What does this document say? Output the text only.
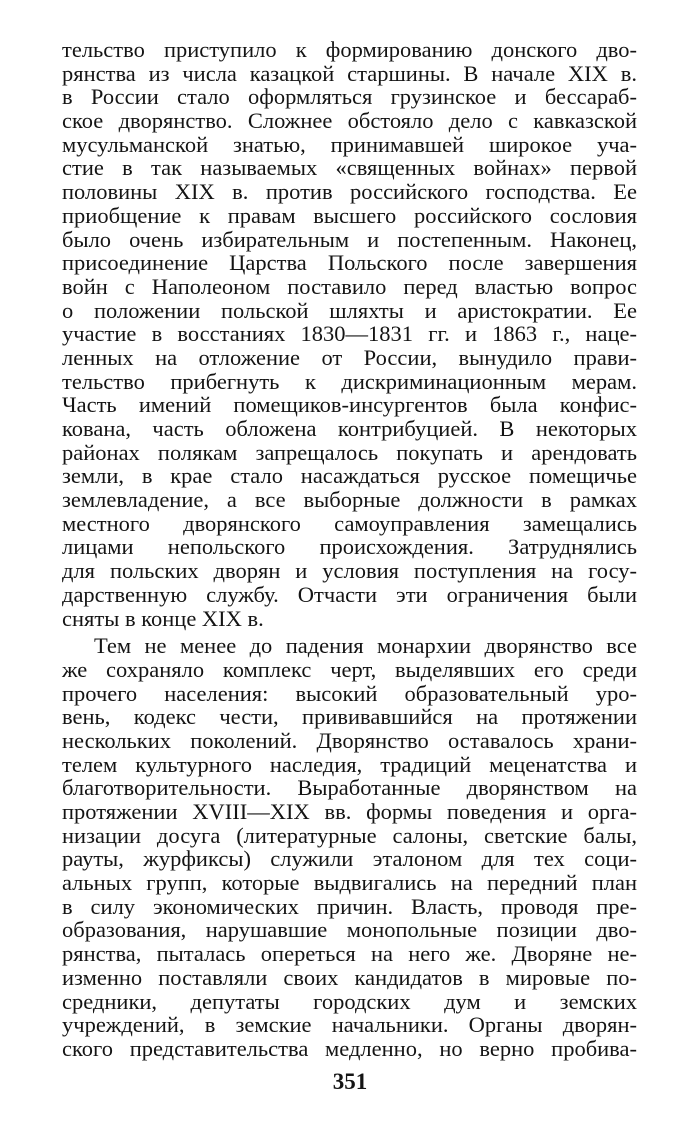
тельство приступило к формированию донского дво-
рянства из числа казацкой старшины. В начале XIX в.
в России стало оформляться грузинское и бессараб-
ское дворянство. Сложнее обстояло дело с кавказской
мусульманской знатью, принимавшей широкое уча-
стие в так называемых «священных войнах» первой
половины XIX в. против российского господства. Ее
приобщение к правам высшего российского сословия
было очень избирательным и постепенным. Наконец,
присоединение Царства Польского после завершения
войн с Наполеоном поставило перед властью вопрос
о положении польской шляхты и аристократии. Ее
участие в восстаниях 1830—1831 гг. и 1863 г., наце-
ленных на отложение от России, вынудило прави-
тельство прибегнуть к дискриминационным мерам.
Часть имений помещиков-инсургентов была конфис-
кована, часть обложена контрибуцией. В некоторых
районах полякам запрещалось покупать и арендовать
земли, в крае стало насаждаться русское помещичье
землевладение, а все выборные должности в рамках
местного дворянского самоуправления замещались
лицами непольского происхождения. Затруднялись
для польских дворян и условия поступления на госу-
дарственную службу. Отчасти эти ограничения были
сняты в конце XIX в.
Тем не менее до падения монархии дворянство все
же сохраняло комплекс черт, выделявших его среди
прочего населения: высокий образовательный уро-
вень, кодекс чести, прививавшийся на протяжении
нескольких поколений. Дворянство оставалось храни-
телем культурного наследия, традиций меценатства и
благотворительности. Выработанные дворянством на
протяжении XVIII—XIX вв. формы поведения и орга-
низации досуга (литературные салоны, светские балы,
рауты, журфиксы) служили эталоном для тех соци-
альных групп, которые выдвигались на передний план
в силу экономических причин. Власть, проводя пре-
образования, нарушавшие монопольные позиции дво-
рянства, пыталась опереться на него же. Дворяне не-
изменно поставляли своих кандидатов в мировые по-
средники, депутаты городских дум и земских
учреждений, в земские начальники. Органы дворян-
ского представительства медленно, но верно пробива-
351
